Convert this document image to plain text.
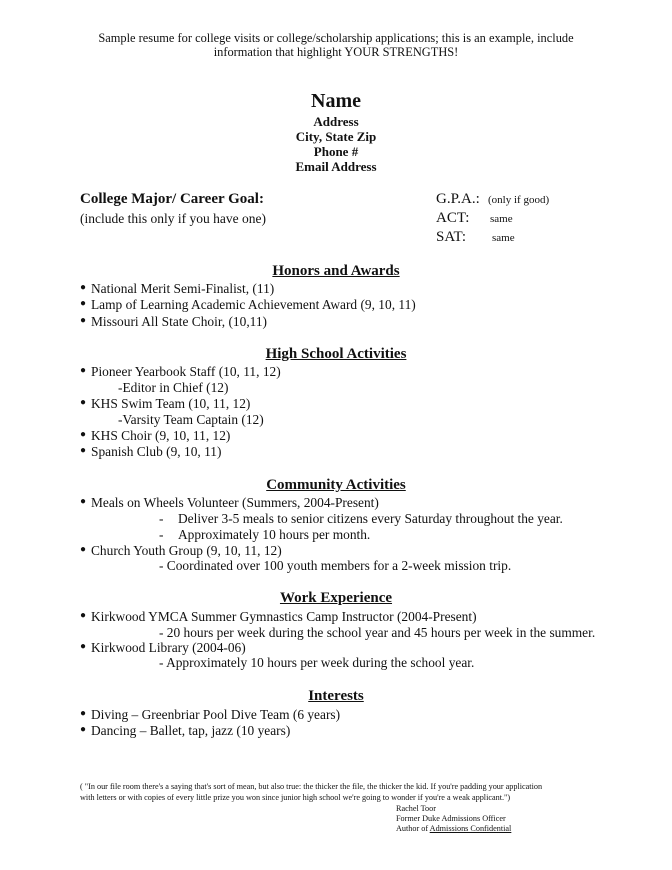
Sample resume for college visits or college/scholarship applications; this is an example, include
information that highlight YOUR STRENGTHS!
Name
Address
City, State Zip
Phone #
Email Address
College Major/ Career Goal:
(include this only if you have one)
G.P.A.: (only if good)
ACT: same
SAT: same
Honors and Awards
● National Merit Semi-Finalist, (11)
● Lamp of Learning Academic Achievement Award (9, 10, 11)
● Missouri All State Choir, (10,11)
High School Activities
● Pioneer Yearbook Staff (10, 11, 12)
-Editor in Chief (12)
● KHS Swim Team (10, 11, 12)
-Varsity Team Captain (12)
● KHS Choir (9, 10, 11, 12)
● Spanish Club (9, 10, 11)
Community Activities
● Meals on Wheels Volunteer (Summers, 2004-Present)
- Deliver 3-5 meals to senior citizens every Saturday throughout the year.
- Approximately 10 hours per month.
● Church Youth Group (9, 10, 11, 12)
- Coordinated over 100 youth members for a 2-week mission trip.
Work Experience
● Kirkwood YMCA Summer Gymnastics Camp Instructor (2004-Present)
- 20 hours per week during the school year and 45 hours per week in the summer.
● Kirkwood Library (2004-06)
- Approximately 10 hours per week during the school year.
Interests
● Diving – Greenbriar Pool Dive Team (6 years)
● Dancing – Ballet, tap, jazz (10 years)
( "In our file room there's a saying that's sort of mean, but also true: the thicker the file, the thicker the kid. If you're padding your application
with letters or with copies of every little prize you won since junior high school we're going to wonder if you're a weak applicant.")
Rachel Toor
Former Duke Admissions Officer
Author of Admissions Confidential
